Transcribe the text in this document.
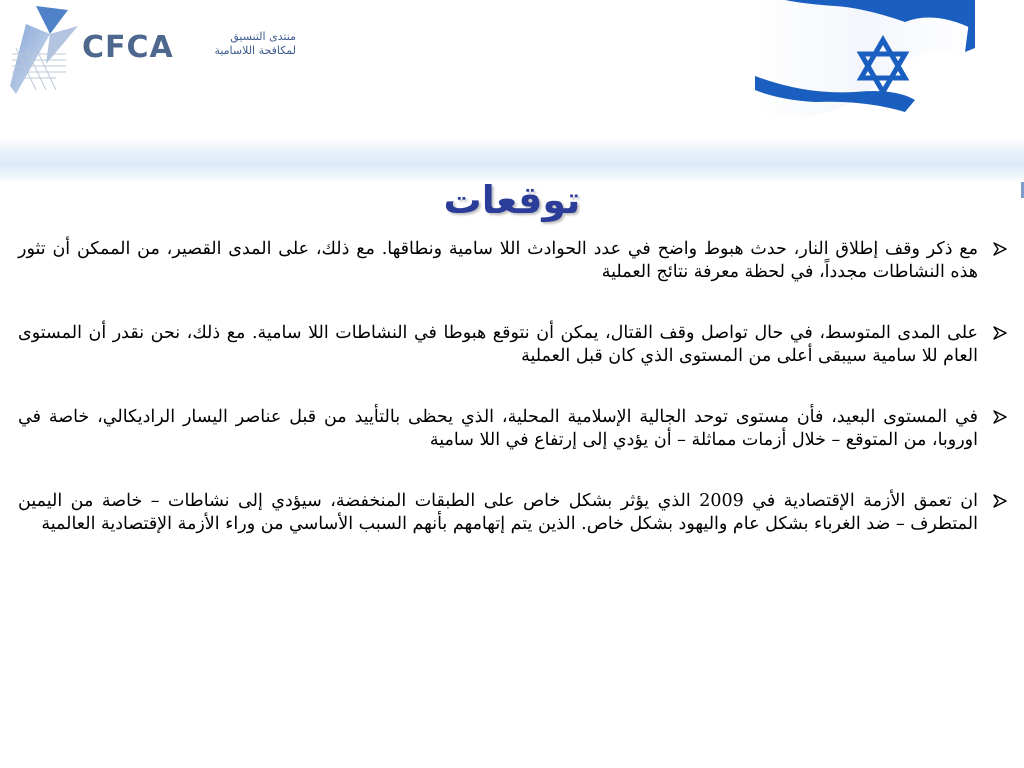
CFCA	منتدى التنسيق
لمكافحة اللاسامية
توقعات
مع ذكر وقف إطلاق النار، حدث هبوط واضح في عدد الحوادث اللا سامية ونطاقها. مع ذلك، على المدى القصير، من الممكن أن تثور هذه النشاطات مجدداً، في لحظة معرفة نتائج العملية
على المدى المتوسط، في حال تواصل وقف القتال، يمكن أن نتوقع هبوطا في النشاطات اللا سامية. مع ذلك، نحن نقدر أن المستوى العام للا سامية سيبقى أعلى من المستوى الذي كان قبل العملية
في المستوى البعيد، فأن مستوى توحد الجالية الإسلامية المحلية، الذي يحظى بالتأييد من قبل عناصر اليسار الراديكالي، خاصة في اوروبا، من المتوقع – خلال أزمات مماثلة – أن يؤدي إلى إرتفاع في اللا سامية
ان تعمق الأزمة الإقتصادية في 2009 الذي يؤثر بشكل خاص على الطبقات المنخفضة، سيؤدي إلى نشاطات – خاصة من اليمين المتطرف – ضد الغرباء بشكل عام واليهود بشكل خاص. الذين يتم إتهامهم بأنهم السبب الأساسي من وراء الأزمة الإقتصادية العالمية
